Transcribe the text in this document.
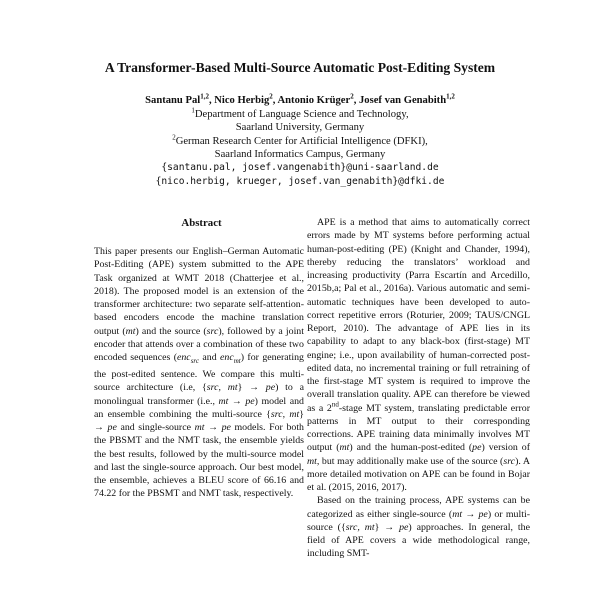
A Transformer-Based Multi-Source Automatic Post-Editing System
Santanu Pal$^{1,2}$, Nico Herbig$^2$, Antonio Krüger$^2$, Josef van Genabith$^{1,2}$
$^1$Department of Language Science and Technology,
Saarland University, Germany
$^2$German Research Center for Artificial Intelligence (DFKI),
Saarland Informatics Campus, Germany
{santanu.pal, josef.vangenabith}@uni-saarland.de
{nico.herbig, krueger, josef.van_genabith}@dfki.de
Abstract

This paper presents our English–German Automatic Post-Editing (APE) system submitted to the APE Task organized at WMT 2018 (Chatterjee et al., 2018). The proposed model is an extension of the transformer architecture: two separate self-attention-based encoders encode the machine translation output (mt) and the source (src), followed by a joint encoder that attends over a combination of these two encoded sequences (enc$_{src}$ and enc$_{mt}$) for generating the post-edited sentence. We compare this multi-source architecture (i.e, {src, mt} → pe) to a monolingual transformer (i.e., mt → pe) model and an ensemble combining the multi-source {src, mt} → pe and single-source mt → pe models. For both the PBSMT and the NMT task, the ensemble yields the best results, followed by the multi-source model and last the single-source approach. Our best model, the ensemble, achieves a BLEU score of 66.16 and 74.22 for the PBSMT and NMT task, respectively.

APE is a method that aims to automatically correct errors made by MT systems before performing actual human-post-editing (PE) (Knight and Chander, 1994), thereby reducing the translators’ workload and increasing productivity (Parra Escartín and Arcedillo, 2015b,a; Pal et al., 2016a). Various automatic and semi-automatic techniques have been developed to auto-correct repetitive errors (Roturier, 2009; TAUS/CNGL Report, 2010). The advantage of APE lies in its capability to adapt to any black-box (first-stage) MT engine; i.e., upon availability of human-corrected post-edited data, no incremental training or full retraining of the first-stage MT system is required to improve the overall translation quality. APE can therefore be viewed as a 2nd-stage MT system, translating predictable error patterns in MT output to their corresponding corrections. APE training data minimally involves MT output (mt) and the human-post-edited (pe) version of mt, but may additionally make use of the source (src). A more detailed motivation on APE can be found in Bojar et al. (2015, 2016, 2017).

Based on the training process, APE systems can be categorized as either single-source (mt → pe) or multi-source ({src, mt} → pe) approaches. In general, the field of APE covers a wide methodological range, including SMT-
